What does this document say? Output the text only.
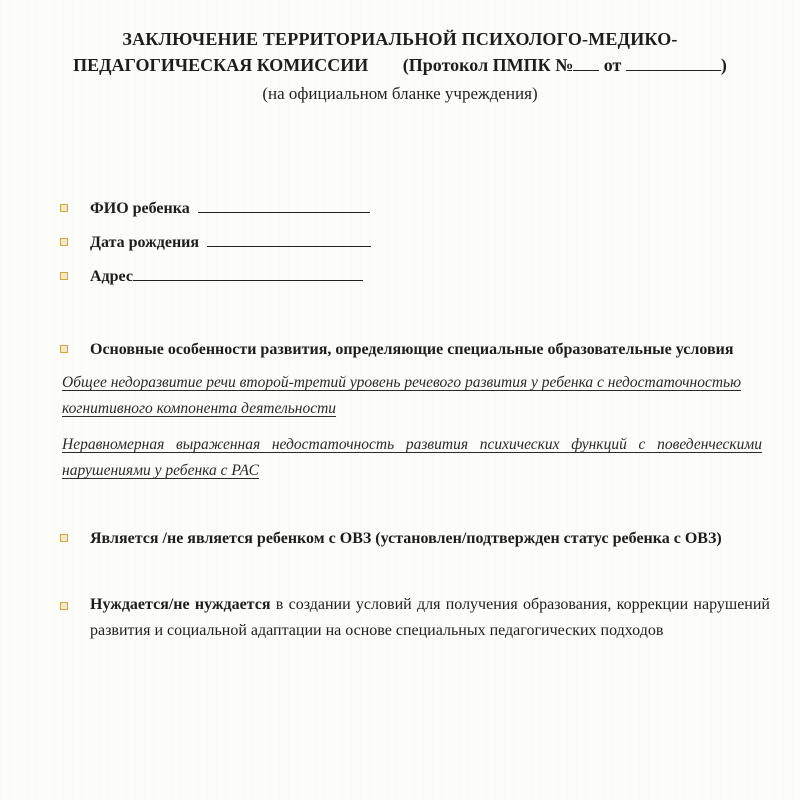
ЗАКЛЮЧЕНИЕ ТЕРРИТОРИАЛЬНОЙ ПСИХОЛОГО-МЕДИКО-
ПЕДАГОГИЧЕСКАЯ КОМИССИИ (Протокол ПМПК № от	)
(на официальном бланке учреждения)
ФИО ребенка
Дата рождения
Адрес
Основные особенности развития, определяющие специальные образовательные условия
Общее недоразвитие речи второй-третий уровень речевого развития у ребенка с недостаточностью когнитивного компонента деятельности
Неравномерная выраженная недостаточность развития психических функций с поведенческими нарушениями у ребенка с РАС
Является /не является ребенком с ОВЗ (установлен/подтвержден статус ребенка с ОВЗ)
Нуждается/не нуждается в создании условий для получения образования, коррекции нарушений развития и социальной адаптации на основе специальных педагогических подходов
